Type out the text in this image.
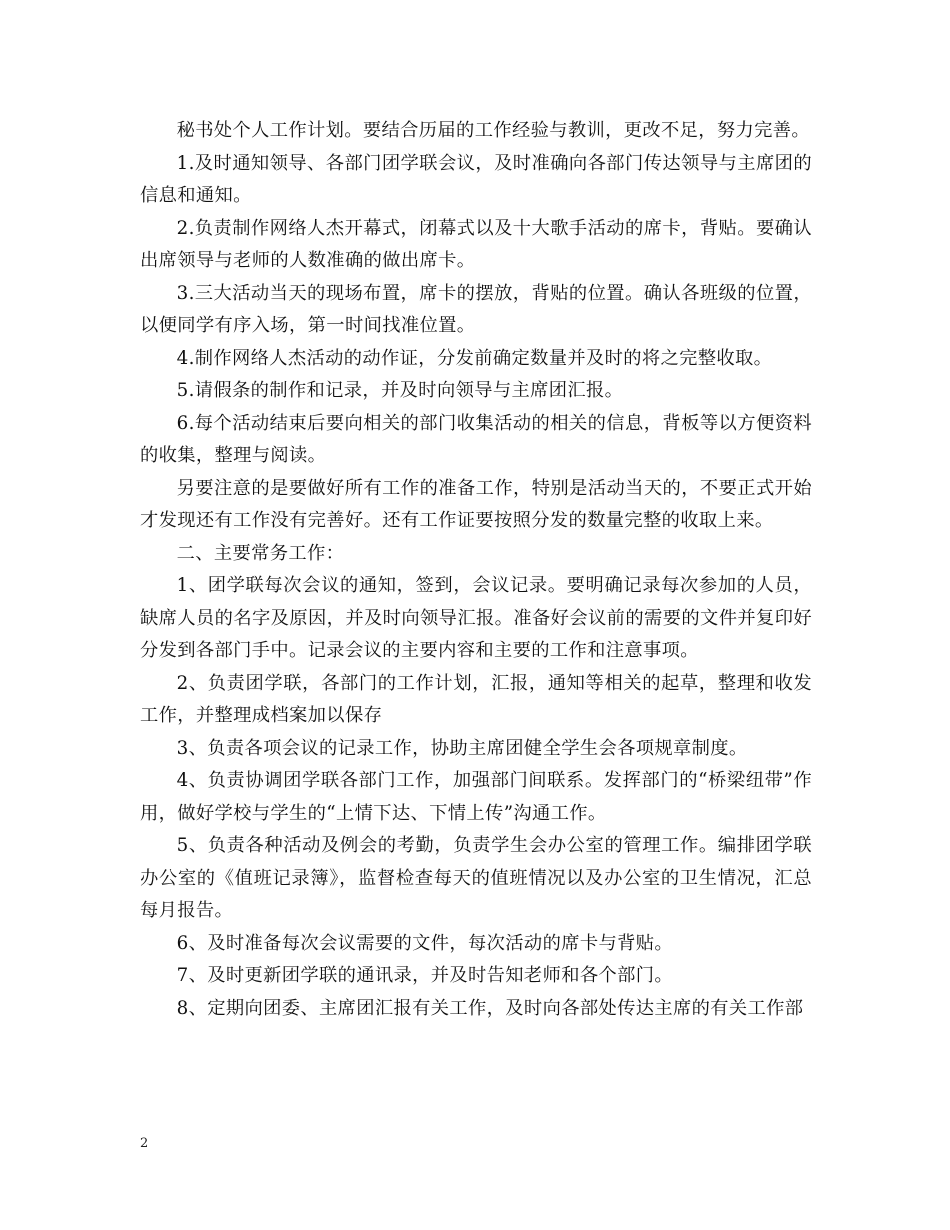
秘书处个人工作计划。要结合历届的工作经验与教训，更改不足，努力完善。

1.及时通知领导、各部门团学联会议，及时准确向各部门传达领导与主席团的信息和通知。

2.负责制作网络人杰开幕式，闭幕式以及十大歌手活动的席卡，背贴。要确认出席领导与老师的人数准确的做出席卡。

3.三大活动当天的现场布置，席卡的摆放，背贴的位置。确认各班级的位置，以便同学有序入场，第一时间找准位置。

4.制作网络人杰活动的动作证，分发前确定数量并及时的将之完整收取。

5.请假条的制作和记录，并及时向领导与主席团汇报。

6.每个活动结束后要向相关的部门收集活动的相关的信息，背板等以方便资料的收集，整理与阅读。

另要注意的是要做好所有工作的准备工作，特别是活动当天的，不要正式开始才发现还有工作没有完善好。还有工作证要按照分发的数量完整的收取上来。

二、主要常务工作：

1、团学联每次会议的通知，签到，会议记录。要明确记录每次参加的人员，缺席人员的名字及原因，并及时向领导汇报。准备好会议前的需要的文件并复印好分发到各部门手中。记录会议的主要内容和主要的工作和注意事项。

2、负责团学联，各部门的工作计划，汇报，通知等相关的起草，整理和收发工作，并整理成档案加以保存

3、负责各项会议的记录工作，协助主席团健全学生会各项规章制度。

4、负责协调团学联各部门工作，加强部门间联系。发挥部门的“桥梁纽带”作用，做好学校与学生的“上情下达、下情上传”沟通工作。

5、负责各种活动及例会的考勤，负责学生会办公室的管理工作。编排团学联办公室的《值班记录簿》，监督检查每天的值班情况以及办公室的卫生情况，汇总每月报告。

6、及时准备每次会议需要的文件，每次活动的席卡与背贴。

7、及时更新团学联的通讯录，并及时告知老师和各个部门。

8、定期向团委、主席团汇报有关工作，及时向各部处传达主席的有关工作部

2
